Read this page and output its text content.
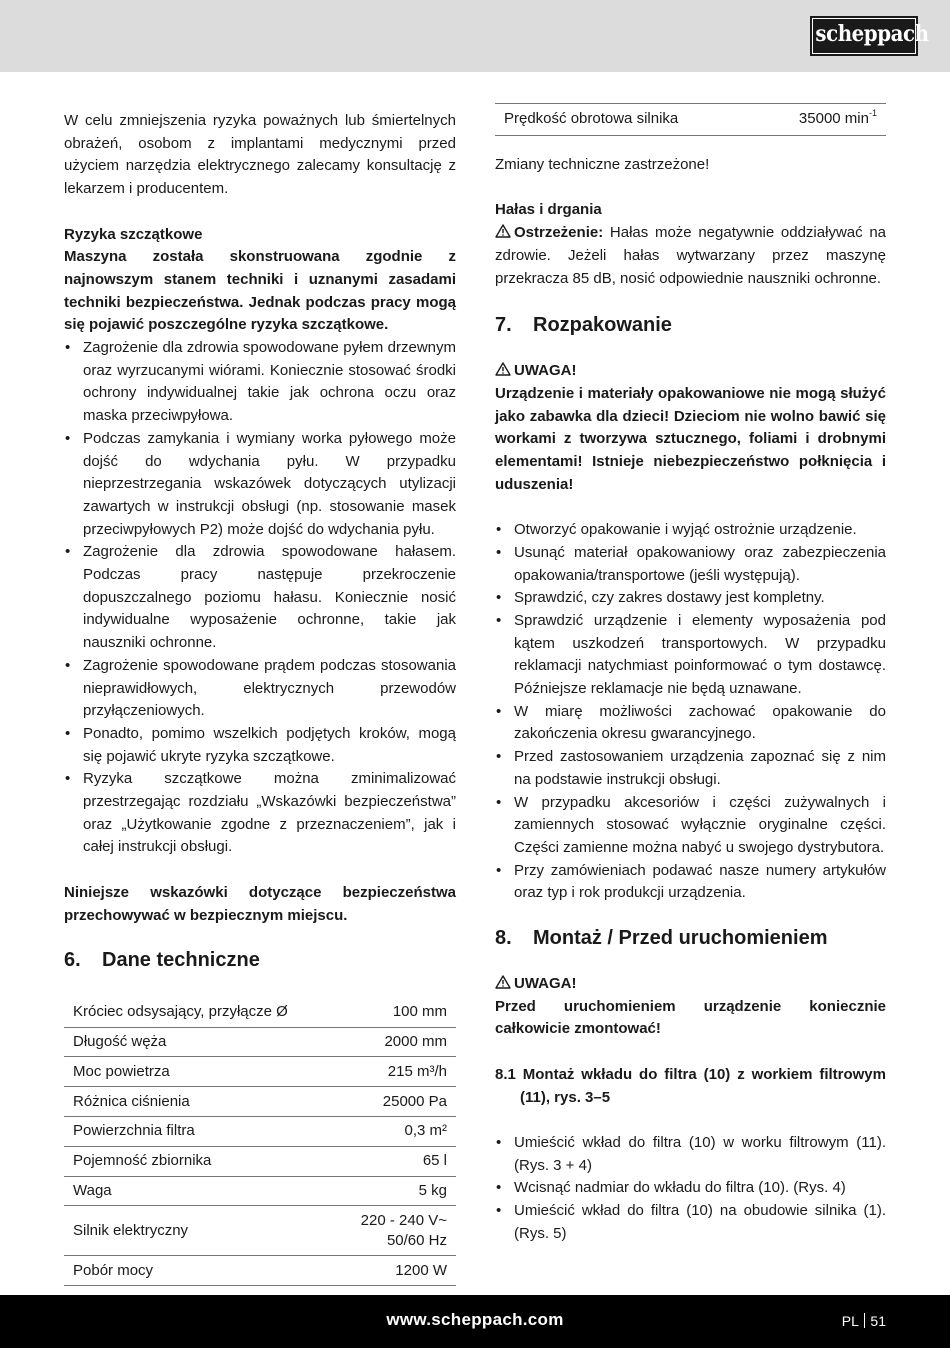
scheppach

W celu zmniejszenia ryzyka poważnych lub śmiertelnych obrażeń, osobom z implantami medycznymi przed użyciem narzędzia elektrycznego zalecamy konsultację z lekarzem i producentem.

Ryzyka szczątkowe

Maszyna została skonstruowana zgodnie z najnowszym stanem techniki i uznanymi zasadami techniki bezpieczeństwa. Jednak podczas pracy mogą się pojawić poszczególne ryzyka szczątkowe.

• Zagrożenie dla zdrowia spowodowane pyłem drzewnym oraz wyrzucanymi wiórami. Koniecznie stosować środki ochrony indywidualnej takie jak ochrona oczu oraz maska przeciwpyłowa.
• Podczas zamykania i wymiany worka pyłowego może dojść do wdychania pyłu. W przypadku nieprzestrzegania wskazówek dotyczących utylizacji zawartych w instrukcji obsługi (np. stosowanie masek przeciwpyłowych P2) może dojść do wdychania pyłu.
• Zagrożenie dla zdrowia spowodowane hałasem. Podczas pracy następuje przekroczenie dopuszczalnego poziomu hałasu. Koniecznie nosić indywidualne wyposażenie ochronne, takie jak nauszniki ochronne.
• Zagrożenie spowodowane prądem podczas stosowania nieprawidłowych, elektrycznych przewodów przyłączeniowych.
• Ponadto, pomimo wszelkich podjętych kroków, mogą się pojawić ukryte ryzyka szczątkowe.
• Ryzyka szczątkowe można zminimalizować przestrzegając rozdziału „Wskazówki bezpieczeństwa” oraz „Użytkowanie zgodne z przeznaczeniem”, jak i całej instrukcji obsługi.

Niniejsze wskazówki dotyczące bezpieczeństwa przechowywać w bezpiecznym miejscu.

6. Dane techniczne
Króciec odsysający, przyłącze Ø	100 mm
Długość węża	2000 mm
Moc powietrza	215 m³/h
Różnica ciśnienia	25000 Pa
Powierzchnia filtra	0,3 m²
Pojemność zbiornika	65 l
Waga	5 kg
Silnik elektryczny	220 - 240 V~
50/60 Hz
Pobór mocy	1200 W
Prędkość obrotowa silnika	35000 $\min^{-1}$

Zmiany techniczne zastrzeżone!

Hałas i drgania

Ostrzeżenie: Hałas może negatywnie oddziaływać na zdrowie. Jeżeli hałas wytwarzany przez maszynę przekracza 85 dB, nosić odpowiednie nauszniki ochronne.

7. Rozpakowanie

UWAGA!

Urządzenie i materiały opakowaniowe nie mogą służyć jako zabawka dla dzieci! Dzieciom nie wolno bawić się workami z tworzywa sztucznego, foliami i drobnymi elementami! Istnieje niebezpieczeństwo połknięcia i uduszenia!

• Otworzyć opakowanie i wyjąć ostrożnie urządzenie.
• Usunąć materiał opakowaniowy oraz zabezpieczenia opakowania/transportowe (jeśli występują).
• Sprawdzić, czy zakres dostawy jest kompletny.
• Sprawdzić urządzenie i elementy wyposażenia pod kątem uszkodzeń transportowych. W przypadku reklamacji natychmiast poinformować o tym dostawcę. Późniejsze reklamacje nie będą uznawane.
• W miarę możliwości zachować opakowanie do zakończenia okresu gwarancyjnego.
• Przed zastosowaniem urządzenia zapoznać się z nim na podstawie instrukcji obsługi.
• W przypadku akcesoriów i części zużywalnych i zamiennych stosować wyłącznie oryginalne części. Części zamienne można nabyć u swojego dystrybutora.
• Przy zamówieniach podawać nasze numery artykułów oraz typ i rok produkcji urządzenia.
8. Montaż / Przed uruchomieniem

UWAGA!

Przed uruchomieniem urządzenie koniecznie całkowicie zmontować!

8.1 Montaż wkładu do filtra (10) z workiem filtrowym (11), rys. 3–5

• Umieścić wkład do filtra (10) w worku filtrowym (11). (Rys. 3 + 4)
• Wcisnąć nadmiar do wkładu do filtra (10). (Rys. 4)
• Umieścić wkład do filtra (10) na obudowie silnika (1). (Rys. 5)
www.scheppach.com	PL 51
